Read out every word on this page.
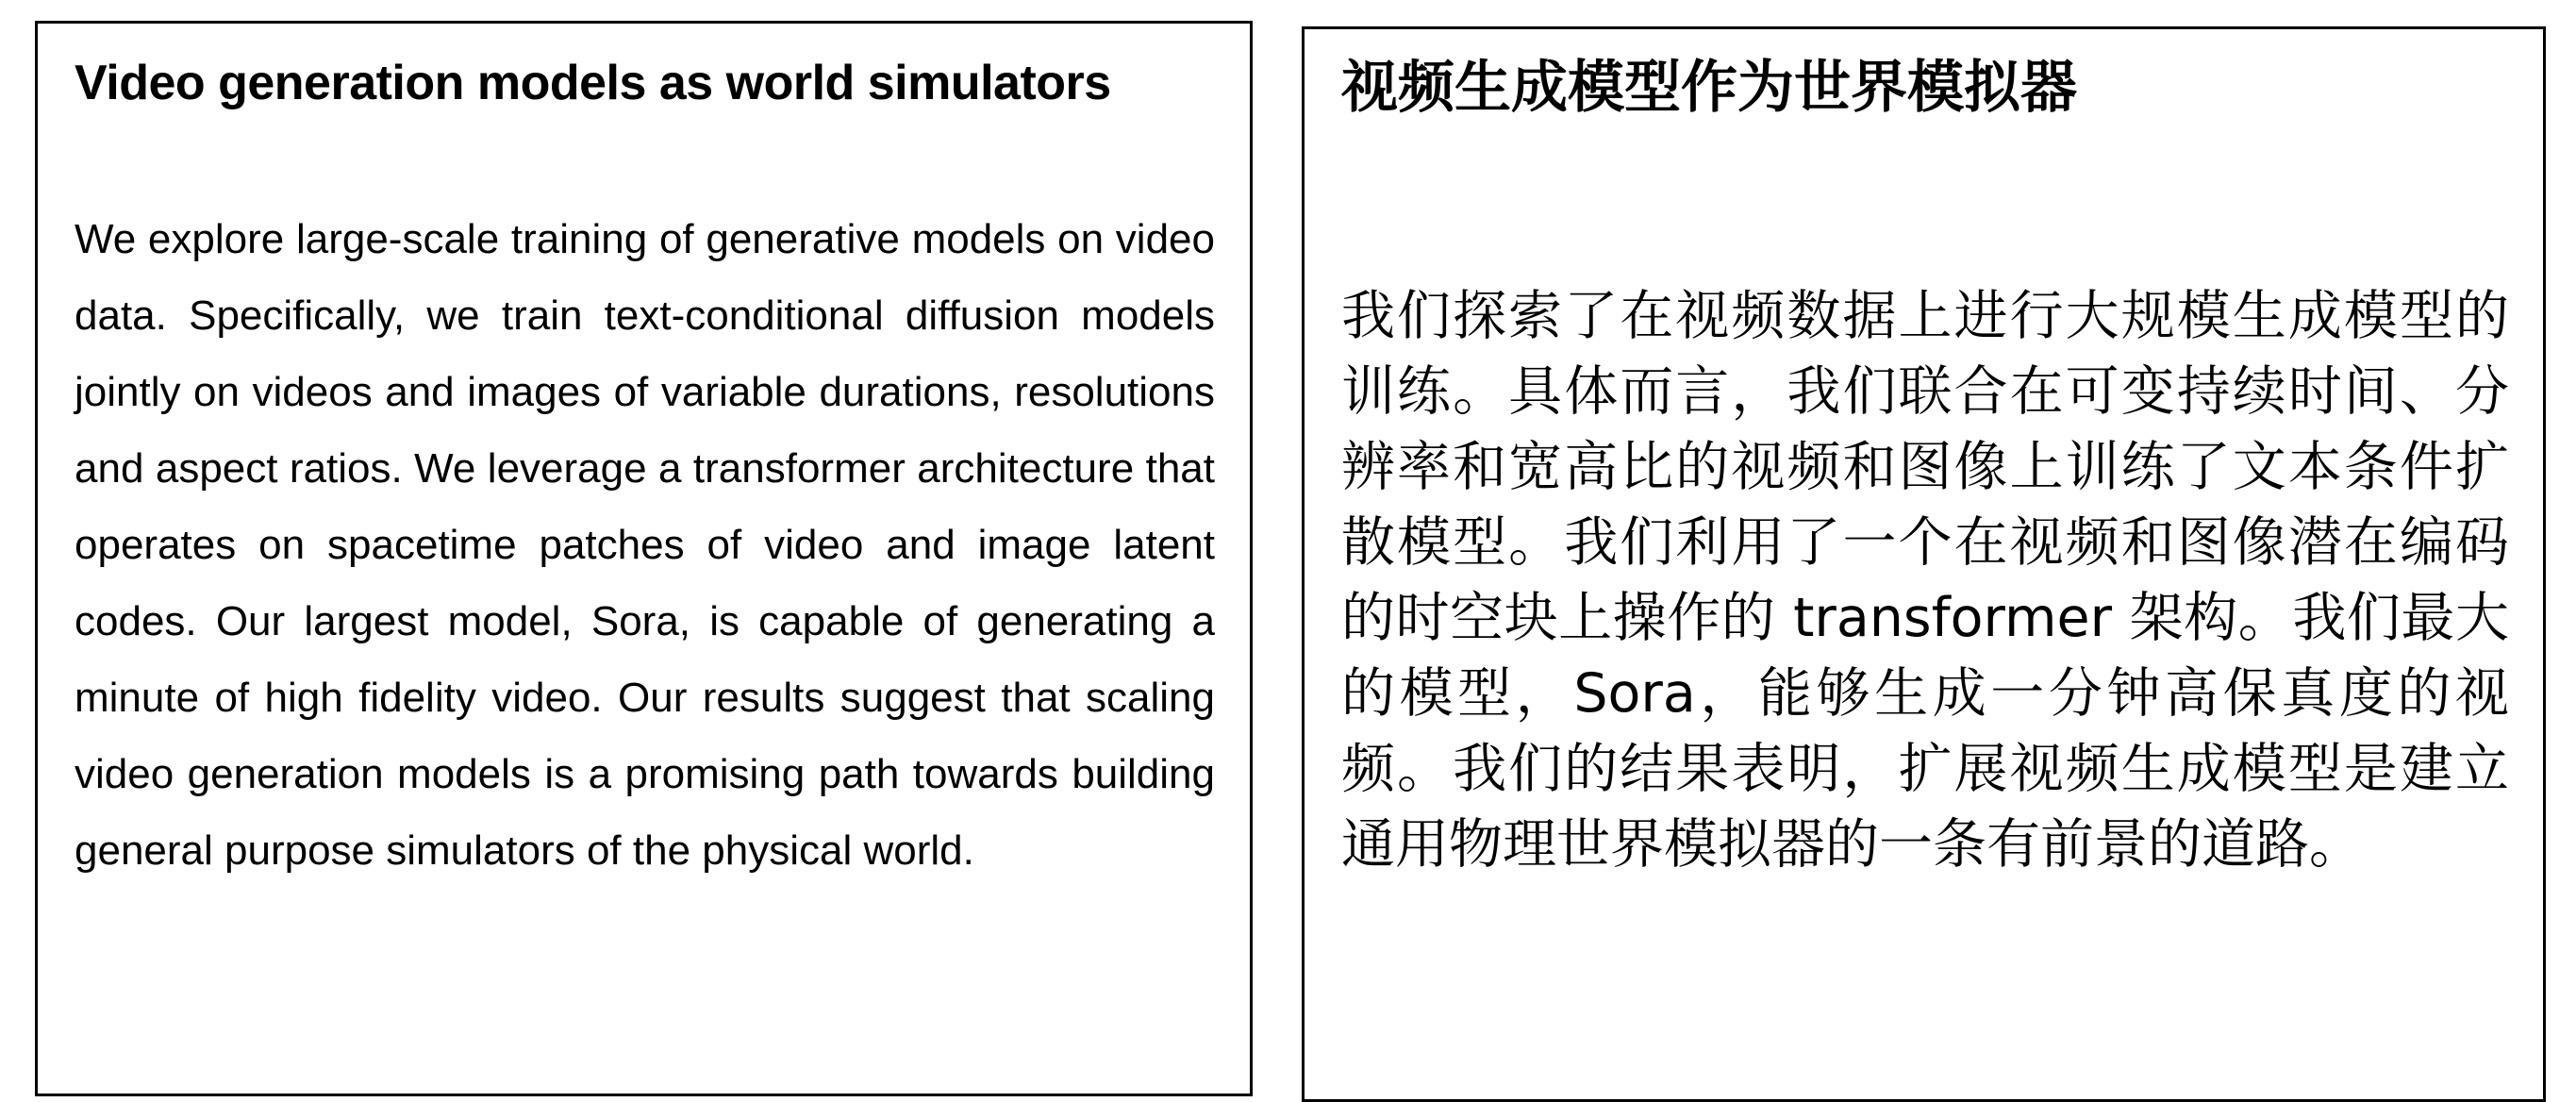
Video generation models as world simulators

We explore large-scale training of generative models on video data. Specifically, we train text-conditional diffusion models jointly on videos and images of variable durations, resolutions and aspect ratios. We leverage a transformer architecture that operates on spacetime patches of video and image latent codes. Our largest model, Sora, is capable of generating a minute of high fidelity video. Our results suggest that scaling video generation models is a promising path towards building general purpose simulators of the physical world.

视频生成模型作为世界模拟器

我们探索了在视频数据上进行大规模生成模型的训练。具体而言，我们联合在可变持续时间、分辨率和宽高比的视频和图像上训练了文本条件扩散模型。我们利用了一个在视频和图像潜在编码的时空块上操作的 transformer 架构。我们最大的模型，Sora，能够生成一分钟高保真度的视频。我们的结果表明，扩展视频生成模型是建立通用物理世界模拟器的一条有前景的道路。
